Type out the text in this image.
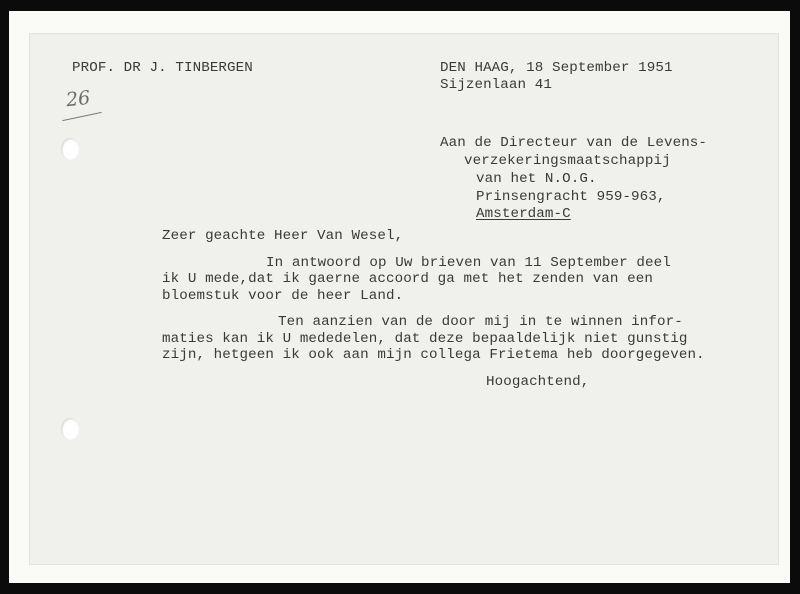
PROF. DR J. TINBERGEN	DEN HAAG, 18 September 1951
Sijzenlaan 41
26
Aan de Directeur van de Levens-
verzekeringsmaatschappij
van het N.O.G.
Prinsengracht 959-963,
Amsterdam-C
Zeer geachte Heer Van Wesel,
In antwoord op Uw brieven van 11 September deel
ik U mede,dat ik gaerne accoord ga met het zenden van een
bloemstuk voor de heer Land.
Ten aanzien van de door mij in te winnen infor-
maties kan ik U mededelen, dat deze bepaaldelijk niet gunstig
zijn, hetgeen ik ook aan mijn collega Frietema heb doorgegeven.
Hoogachtend,
